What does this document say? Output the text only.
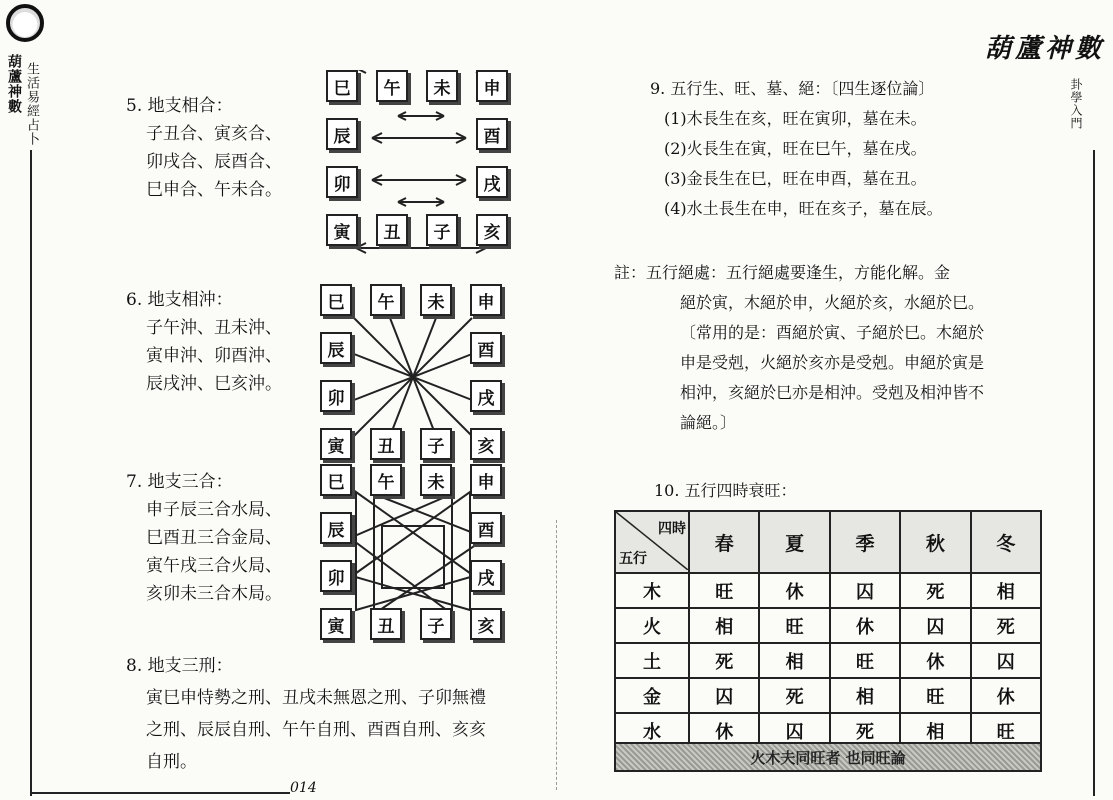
葫蘆神數 生活易經占卜
014
5. 地支相合：
子丑合、寅亥合、
卯戌合、辰酉合、
巳申合、午未合。
6. 地支相沖：
子午沖、丑未沖、
寅申沖、卯酉沖、
辰戌沖、巳亥沖。
7. 地支三合：
申子辰三合水局、
巳酉丑三合金局、
寅午戌三合火局、
亥卯未三合木局。
8. 地支三刑：
寅巳申恃勢之刑、丑戌未無恩之刑、子卯無禮
之刑、辰辰自刑、午午自刑、酉酉自刑、亥亥
自刑。
巳	午	未	申
辰
卯
酉
戌
寅	丑	子	亥
巳	午	未	申
辰
卯
酉
戌
寅	丑	子	亥
巳	午	未	申
辰
卯
酉
戌
寅	丑	子	亥
葫蘆神數
卦學入門
9. 五行生、旺、墓、絕：〔四生逐位論〕
(1)木長生在亥，旺在寅卯，墓在未。
(2)火長生在寅，旺在巳午，墓在戌。
(3)金長生在巳，旺在申酉，墓在丑。
(4)水土長生在申，旺在亥子，墓在辰。
註：五行絕處：五行絕處要逢生，方能化解。金
絕於寅，木絕於申，火絕於亥，水絕於巳。
〔常用的是：酉絕於寅、子絕於巳。木絕於
申是受剋，火絕於亥亦是受剋。申絕於寅是
相沖，亥絕於巳亦是相沖。受剋及相沖皆不
論絕。〕
10. 五行四時衰旺：
四時
五行	春	夏	季	秋	冬
木	旺	休	囚	死	相
火	相	旺	休	囚	死
土	死	相	旺	休	囚
金	囚	死	相	旺	休
水	休	囚	死	相	旺
火木夫同旺者 也同旺論
